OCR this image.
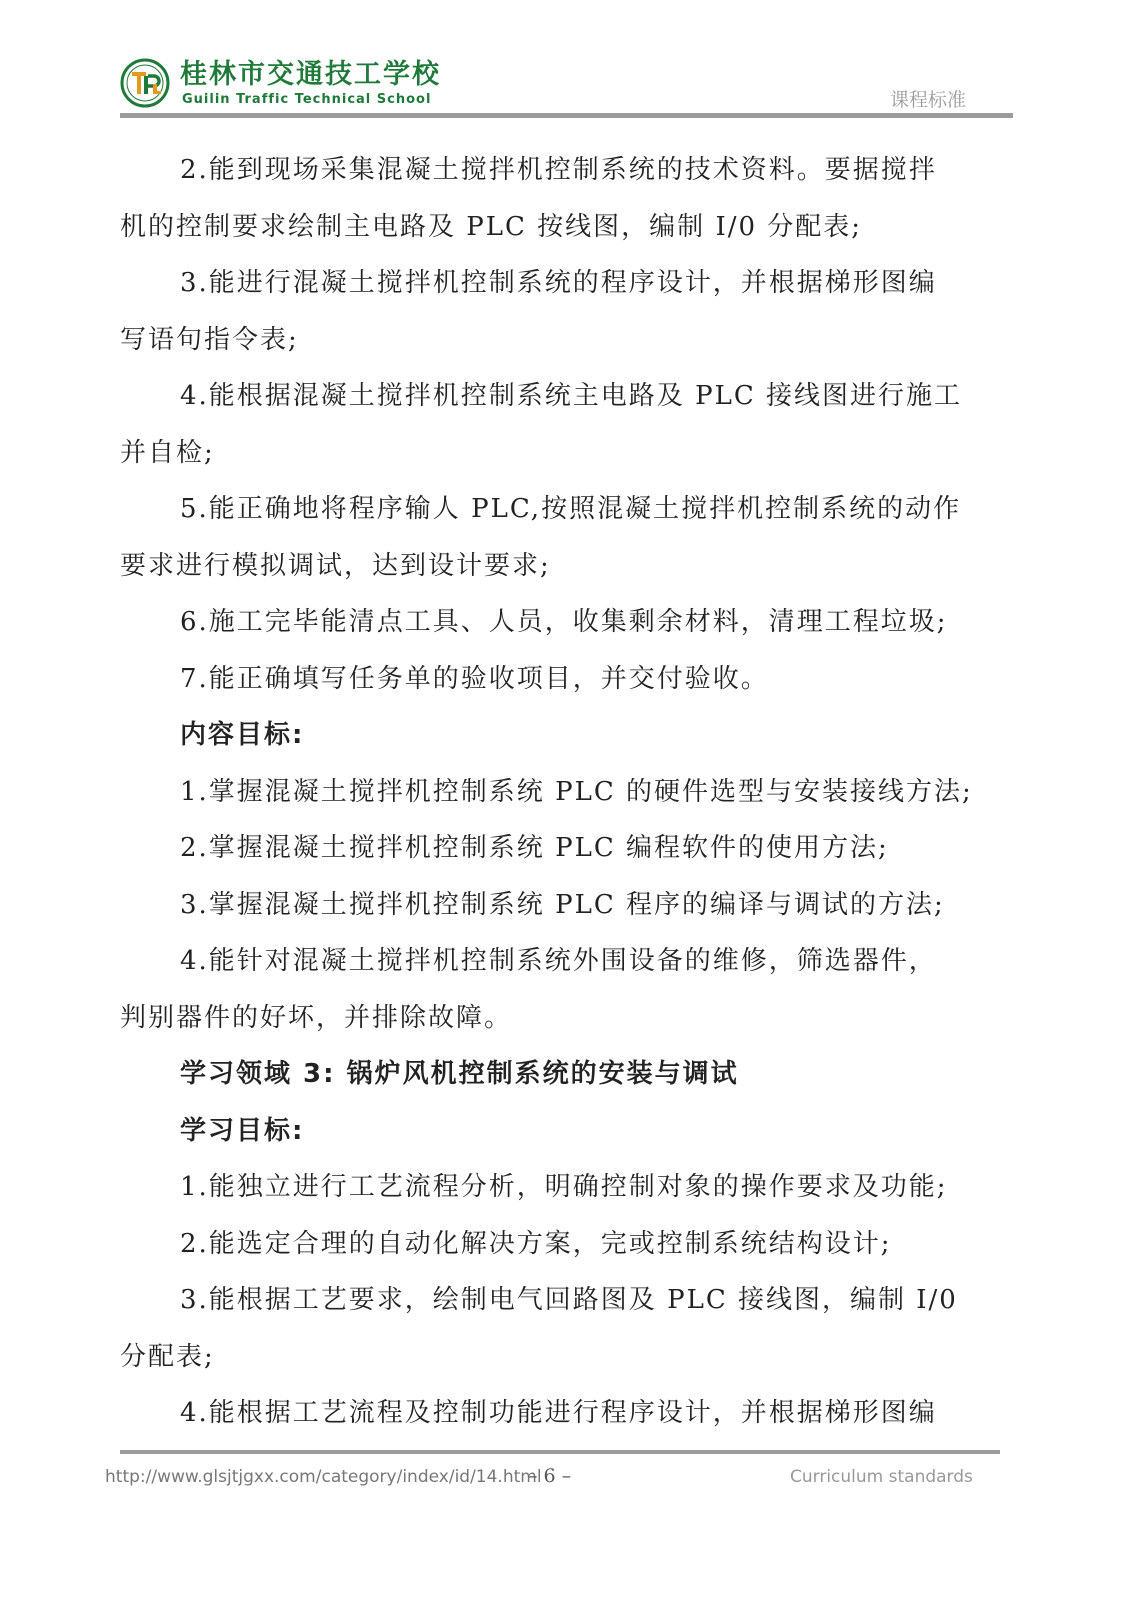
桂林市交通技工学校
Guilin Traffic Technical School	课程标准

2.能到现场采集混凝土搅拌机控制系统的技术资料。要据搅拌

机的控制要求绘制主电路及 PLC 按线图，编制 I/0 分配表;

3.能进行混凝土搅拌机控制系统的程序设计，并根据梯形图编

写语句指令表;

4.能根据混凝土搅拌机控制系统主电路及 PLC 接线图进行施工

并自检;

5.能正确地将程序输人 PLC,按照混凝土搅拌机控制系统的动作

要求进行模拟调试，达到设计要求;

6.施工完毕能清点工具、人员，收集剩余材料，清理工程垃圾;

7.能正确填写任务单的验收项目，并交付验收。

内容目标:

1.掌握混凝土搅拌机控制系统 PLC 的硬件选型与安装接线方法;

2.掌握混凝土搅拌机控制系统 PLC 编程软件的使用方法;

3.掌握混凝土搅拌机控制系统 PLC 程序的编译与调试的方法;

4.能针对混凝土搅拌机控制系统外围设备的维修，筛选器件，

判别器件的好坏，并排除故障。

学习领域 3: 锅炉风机控制系统的安装与调试

学习目标:

1.能独立进行工艺流程分析，明确控制对象的操作要求及功能;

2.能选定合理的自动化解决方案，完或控制系统结构设计;

3.能根据工艺要求，绘制电气回路图及 PLC 接线图，编制 I/0

分配表;

4.能根据工艺流程及控制功能进行程序设计，并根据梯形图编

http://www.glsjtjgxx.com/category/index/id/14.html
– 6 –	Curriculum standards
